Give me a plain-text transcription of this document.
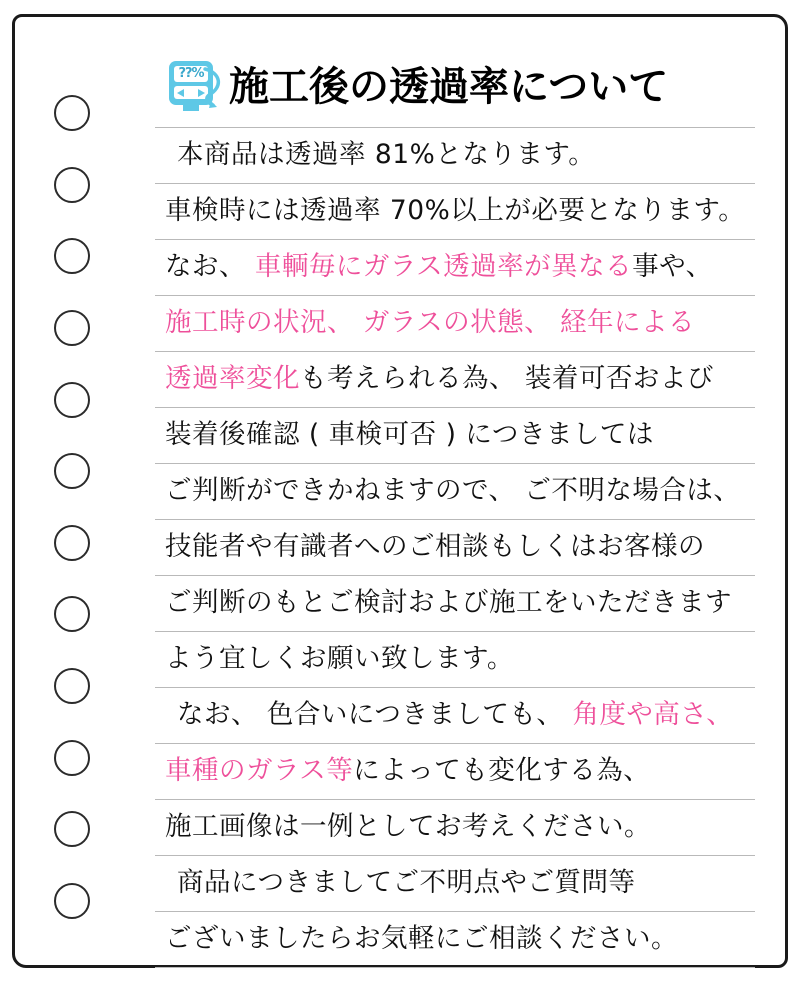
??% 施工後の透過率について
本商品は透過率 81%となります。
車検時には透過率 70%以上が必要となります。
なお、 車輌毎にガラス透過率が異なる事や、
施工時の状況、 ガラスの状態、 経年による
透過率変化も考えられる為、 装着可否および
装着後確認 ( 車検可否 ) につきましては
ご判断ができかねますので、 ご不明な場合は、
技能者や有識者へのご相談もしくはお客様の
ご判断のもとご検討および施工をいただきます
よう宜しくお願い致します。
なお、 色合いにつきましても、 角度や高さ、
車種のガラス等によっても変化する為、
施工画像は一例としてお考えください。
商品につきましてご不明点やご質問等
ございましたらお気軽にご相談ください。
